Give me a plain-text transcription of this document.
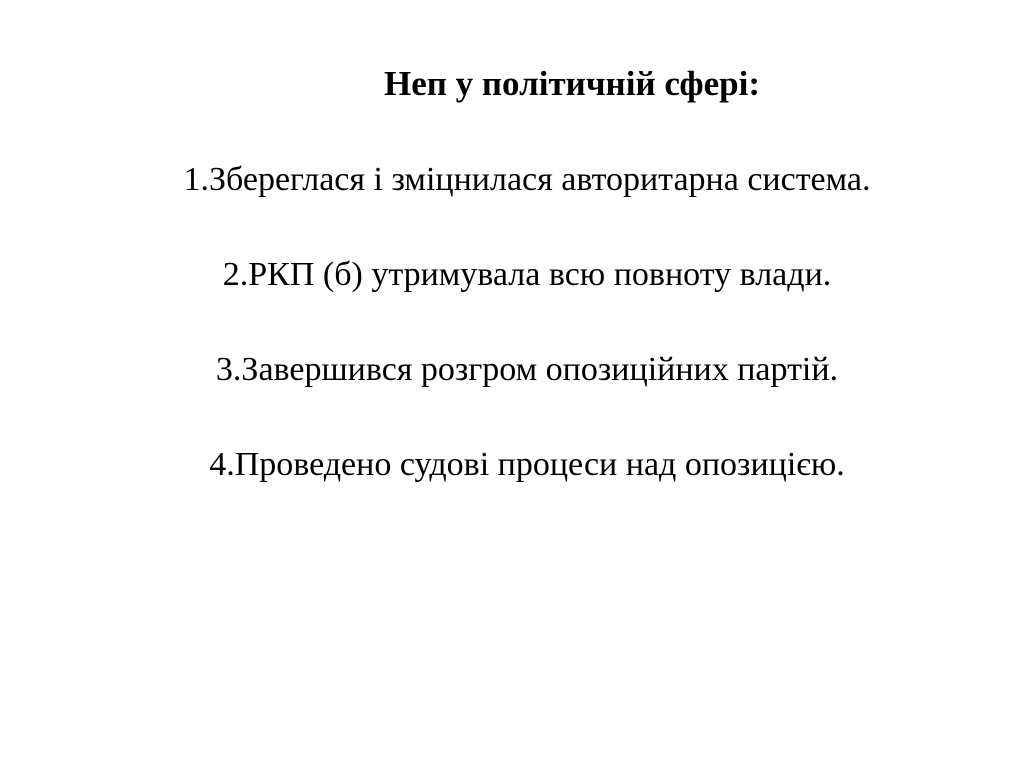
Неп у політичній сфері:
1.Збереглася і зміцнилася авторитарна система.
2.РКП (б) утримувала всю повноту влади.
3.Завершився розгром опозиційних партій.
4.Проведено судові процеси над опозицією.
